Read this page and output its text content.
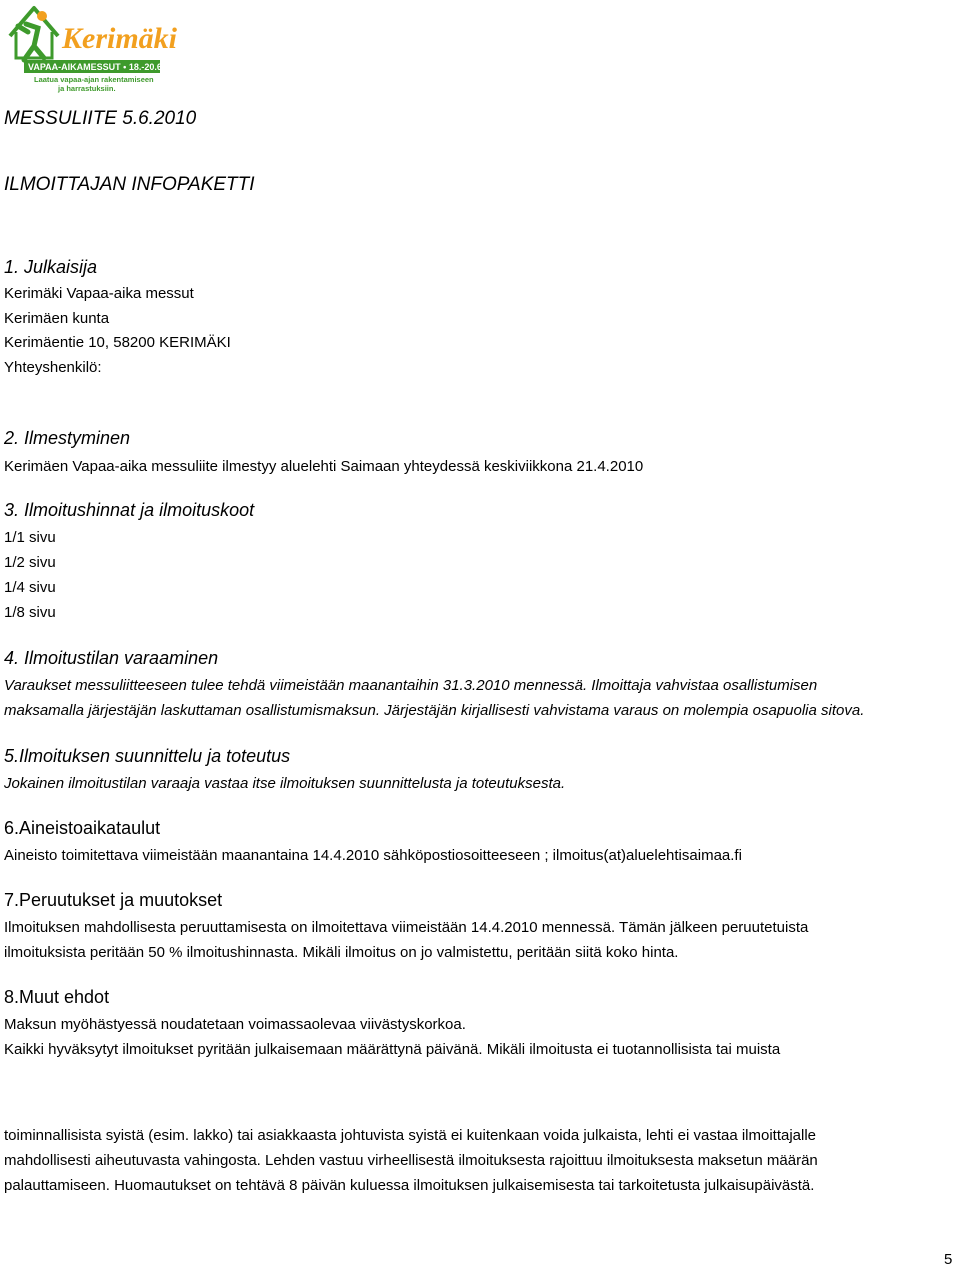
Kerimäki
VAPAA-AIKAMESSUT • 18.-20.6.2010
Laatua vapaa-ajan rakentamiseen
ja harrastuksiin.
MESSULIITE 5.6.2010
ILMOITTAJAN INFOPAKETTI
1. Julkaisija
Kerimäki Vapaa-aika messut
Kerimäen kunta
Kerimäentie 10, 58200 KERIMÄKI
Yhteyshenkilö:
2. Ilmestyminen
Kerimäen Vapaa-aika messuliite ilmestyy aluelehti Saimaan yhteydessä keskiviikkona 21.4.2010
3. Ilmoitushinnat ja ilmoituskoot
1/1 sivu
1/2 sivu
1/4 sivu
1/8 sivu
4. Ilmoitustilan varaaminen
Varaukset messuliitteeseen tulee tehdä viimeistään maanantaihin 31.3.2010 mennessä. Ilmoittaja vahvistaa osallistumisen
maksamalla järjestäjän laskuttaman osallistumismaksun. Järjestäjän kirjallisesti vahvistama varaus on molempia osapuolia sitova.
5.Ilmoituksen suunnittelu ja toteutus
Jokainen ilmoitustilan varaaja vastaa itse ilmoituksen suunnittelusta ja toteutuksesta.
6.Aineistoaikataulut
Aineisto toimitettava viimeistään maanantaina 14.4.2010 sähköpostiosoitteeseen ; ilmoitus(at)aluelehtisaimaa.fi
7.Peruutukset ja muutokset
Ilmoituksen mahdollisesta peruuttamisesta on ilmoitettava viimeistään 14.4.2010 mennessä. Tämän jälkeen peruutetuista
ilmoituksista peritään 50 % ilmoitushinnasta. Mikäli ilmoitus on jo valmistettu, peritään siitä koko hinta.
8.Muut ehdot
Maksun myöhästyessä noudatetaan voimassaolevaa viivästyskorkoa.
Kaikki hyväksytyt ilmoitukset pyritään julkaisemaan määrättynä päivänä. Mikäli ilmoitusta ei tuotannollisista tai muista
toiminnallisista syistä (esim. lakko) tai asiakkaasta johtuvista syistä ei kuitenkaan voida julkaista, lehti ei vastaa ilmoittajalle
mahdollisesti aiheutuvasta vahingosta. Lehden vastuu virheellisestä ilmoituksesta rajoittuu ilmoituksesta maksetun määrän
palauttamiseen. Huomautukset on tehtävä 8 päivän kuluessa ilmoituksen julkaisemisesta tai tarkoitetusta julkaisupäivästä.
5
